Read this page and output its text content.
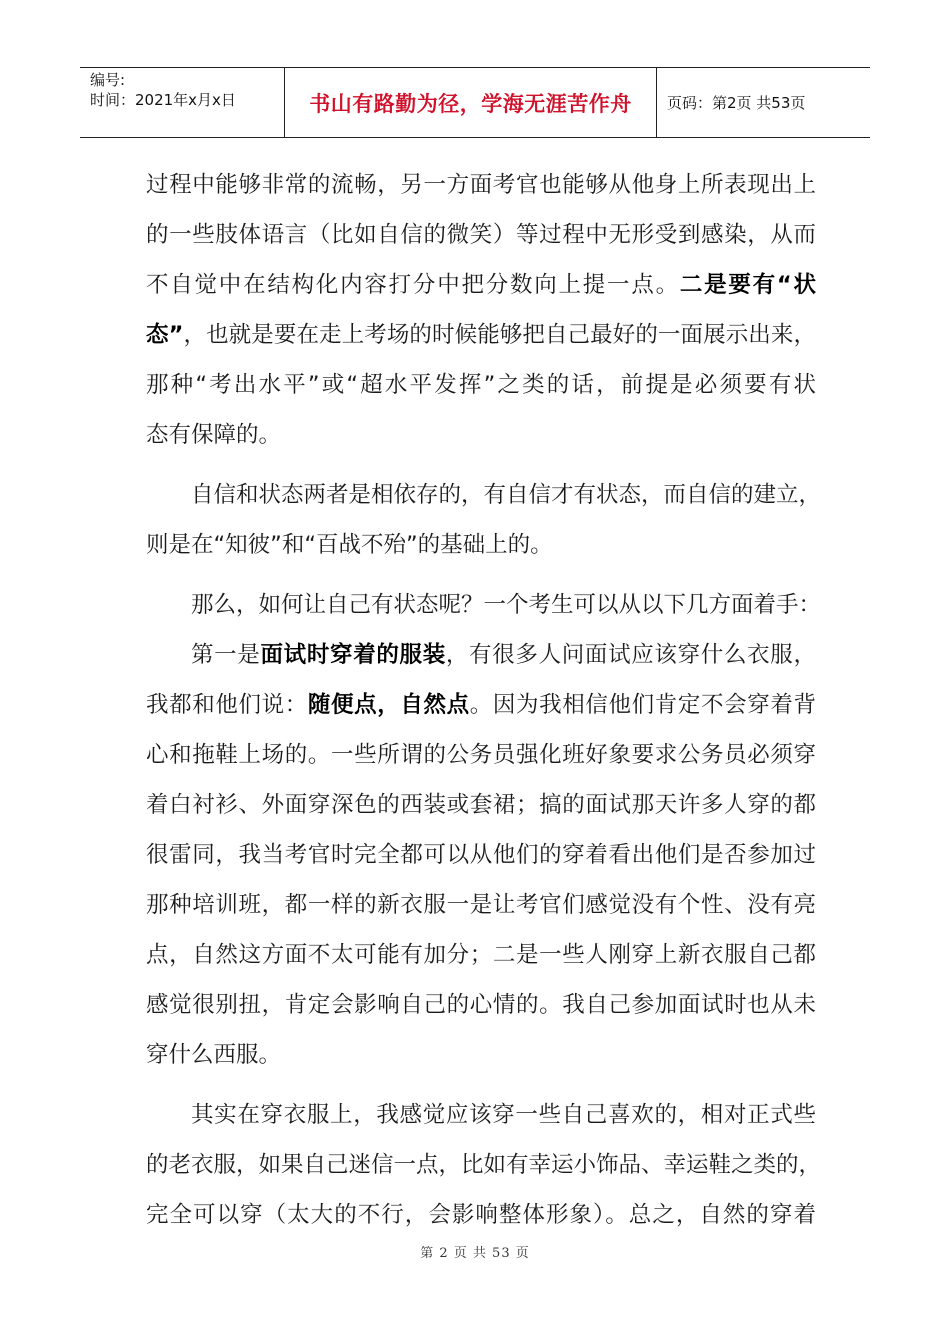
编号:
时间：2021年x月x日	书山有路勤为径，学海无涯苦作舟 页码：第2页 共53页
过程中能够非常的流畅，另一方面考官也能够从他身上所表现出上
的一些肢体语言（比如自信的微笑）等过程中无形受到感染，从而
不自觉中在结构化内容打分中把分数向上提一点。二是要有“状
态”，也就是要在走上考场的时候能够把自己最好的一面展示出来，
那种“考出水平”或“超水平发挥”之类的话，前提是必须要有状
态有保障的。
自信和状态两者是相依存的，有自信才有状态，而自信的建立，
则是在“知彼”和“百战不殆”的基础上的。
那么，如何让自己有状态呢？一个考生可以从以下几方面着手：
第一是面试时穿着的服装，有很多人问面试应该穿什么衣服，
我都和他们说：随便点，自然点。因为我相信他们肯定不会穿着背
心和拖鞋上场的。一些所谓的公务员强化班好象要求公务员必须穿
着白衬衫、外面穿深色的西装或套裙；搞的面试那天许多人穿的都
很雷同，我当考官时完全都可以从他们的穿着看出他们是否参加过
那种培训班，都一样的新衣服一是让考官们感觉没有个性、没有亮
点，自然这方面不太可能有加分；二是一些人刚穿上新衣服自己都
感觉很别扭，肯定会影响自己的心情的。我自己参加面试时也从未
穿什么西服。
其实在穿衣服上，我感觉应该穿一些自己喜欢的，相对正式些
的老衣服，如果自己迷信一点，比如有幸运小饰品、幸运鞋之类的，
完全可以穿（太大的不行，会影响整体形象）。总之，自然的穿着
第 2 页 共 53 页
